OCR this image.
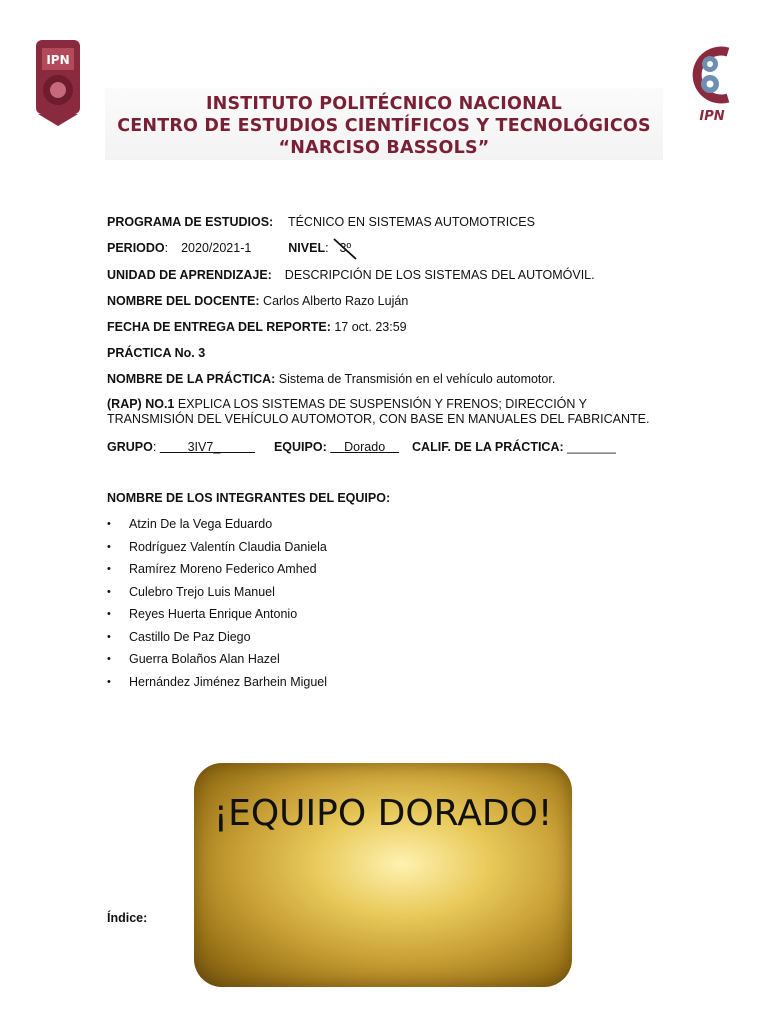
IPN
IPN
INSTITUTO POLITÉCNICO NACIONAL
CENTRO DE ESTUDIOS CIENTÍFICOS Y TECNOLÓGICOS
“NARCISO BASSOLS”
PROGRAMA DE ESTUDIOS: TÉCNICO EN SISTEMAS AUTOMOTRICES
PERIODO: 2020/2021-1	NIVEL: 3º
UNIDAD DE APRENDIZAJE: DESCRIPCIÓN DE LOS SISTEMAS DEL AUTOMÓVIL.
NOMBRE DEL DOCENTE: Carlos Alberto Razo Luján
FECHA DE ENTREGA DEL REPORTE: 17 oct. 23:59
PRÁCTICA No. 3
NOMBRE DE LA PRÁCTICA: Sistema de Transmisión en el vehículo automotor.
(RAP) NO.1 EXPLICA LOS SISTEMAS DE SUSPENSIÓN Y FRENOS; DIRECCIÓN Y TRANSMISIÓN DEL VEHÍCULO AUTOMOTOR, CON BASE EN MANUALES DEL FABRICANTE.
GRUPO:         3IV7_            EQUIPO: Dorado CALIF. DE LA PRÁCTICA: _______
NOMBRE DE LOS INTEGRANTES DEL EQUIPO:
• Atzin De la Vega Eduardo
• Rodríguez Valentín Claudia Daniela
• Ramírez Moreno Federico Amhed
• Culebro Trejo Luis Manuel
• Reyes Huerta Enrique Antonio
• Castillo De Paz Diego
• Guerra Bolaños Alan Hazel
• Hernández Jiménez Barhein Miguel
¡EQUIPO DORADO!
Índice:
